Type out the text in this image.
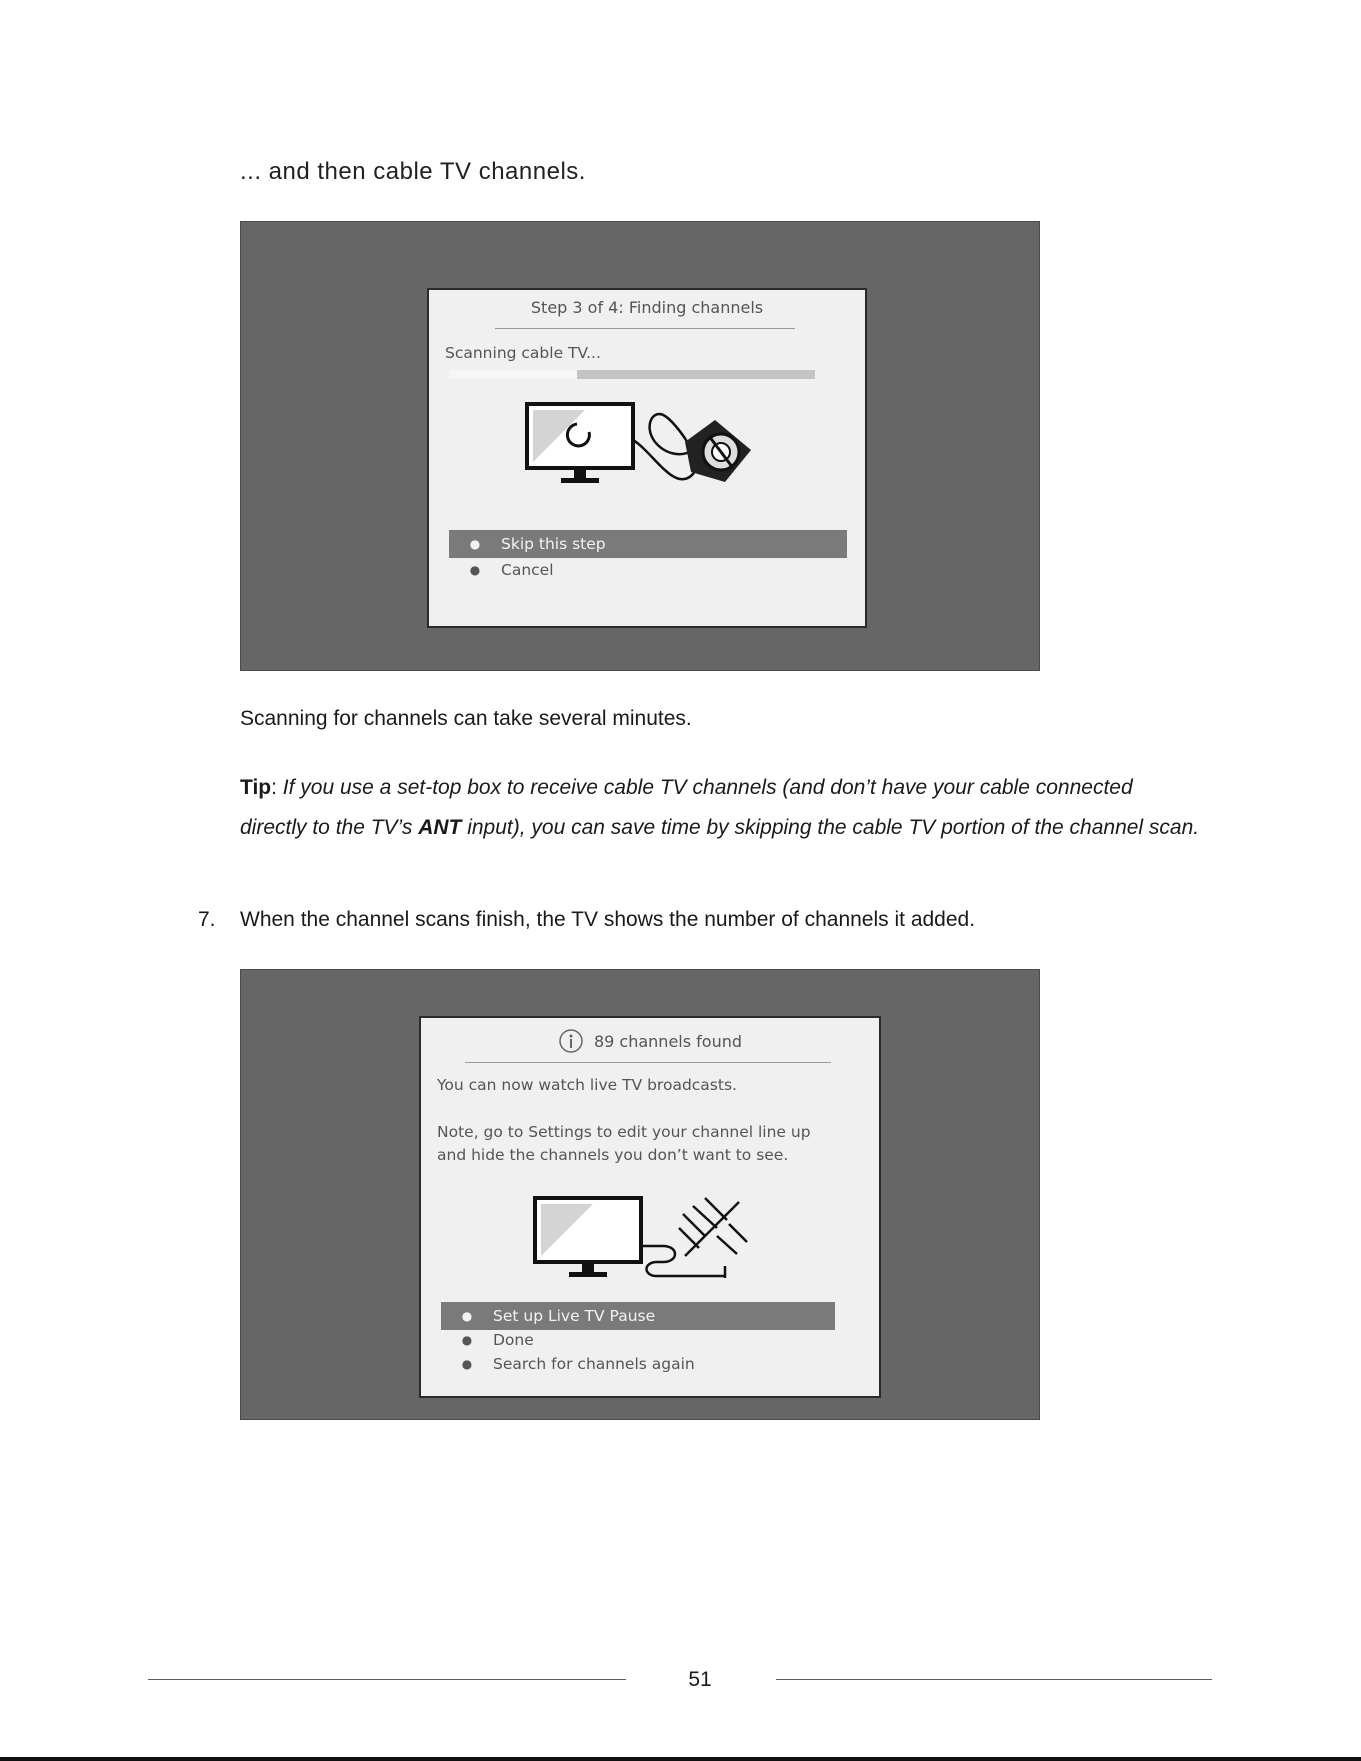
... and then cable TV channels.
Step 3 of 4: Finding channels
Scanning cable TV...
●	Skip this step
●	Cancel
Scanning for channels can take several minutes.
Tip: If you use a set-top box to receive cable TV channels (and don’t have your cable connected directly to the TV’s ANT input), you can save time by skipping the cable TV portion of the channel scan.
7. When the channel scans finish, the TV shows the number of channels it added.
89 channels found
You can now watch live TV broadcasts.
Note, go to Settings to edit your channel line up
and hide the channels you don’t want to see.
●	Set up Live TV Pause
●	Done
●	Search for channels again
51
